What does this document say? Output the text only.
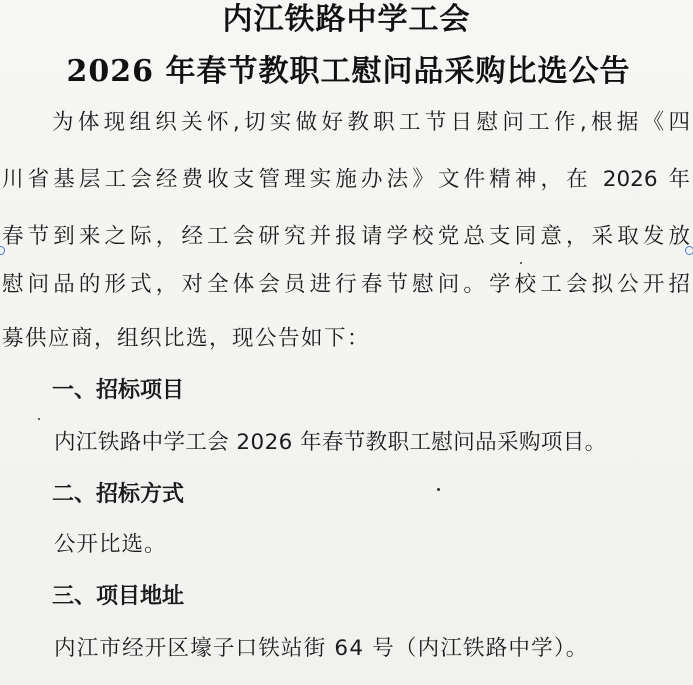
内江铁路中学工会
2026 年春节教职工慰问品采购比选公告
为体现组织关怀,切实做好教职工节日慰问工作,根据《四
川省基层工会经费收支管理实施办法》文件精神，在 2026 年
春节到来之际，经工会研究并报请学校党总支同意，采取发放
慰问品的形式，对全体会员进行春节慰问。学校工会拟公开招
募供应商，组织比选，现公告如下：
一、招标项目
内江铁路中学工会 2026 年春节教职工慰问品采购项目。
二、招标方式
公开比选。
三、项目地址
内江市经开区壕子口铁站街 64 号（内江铁路中学）。
